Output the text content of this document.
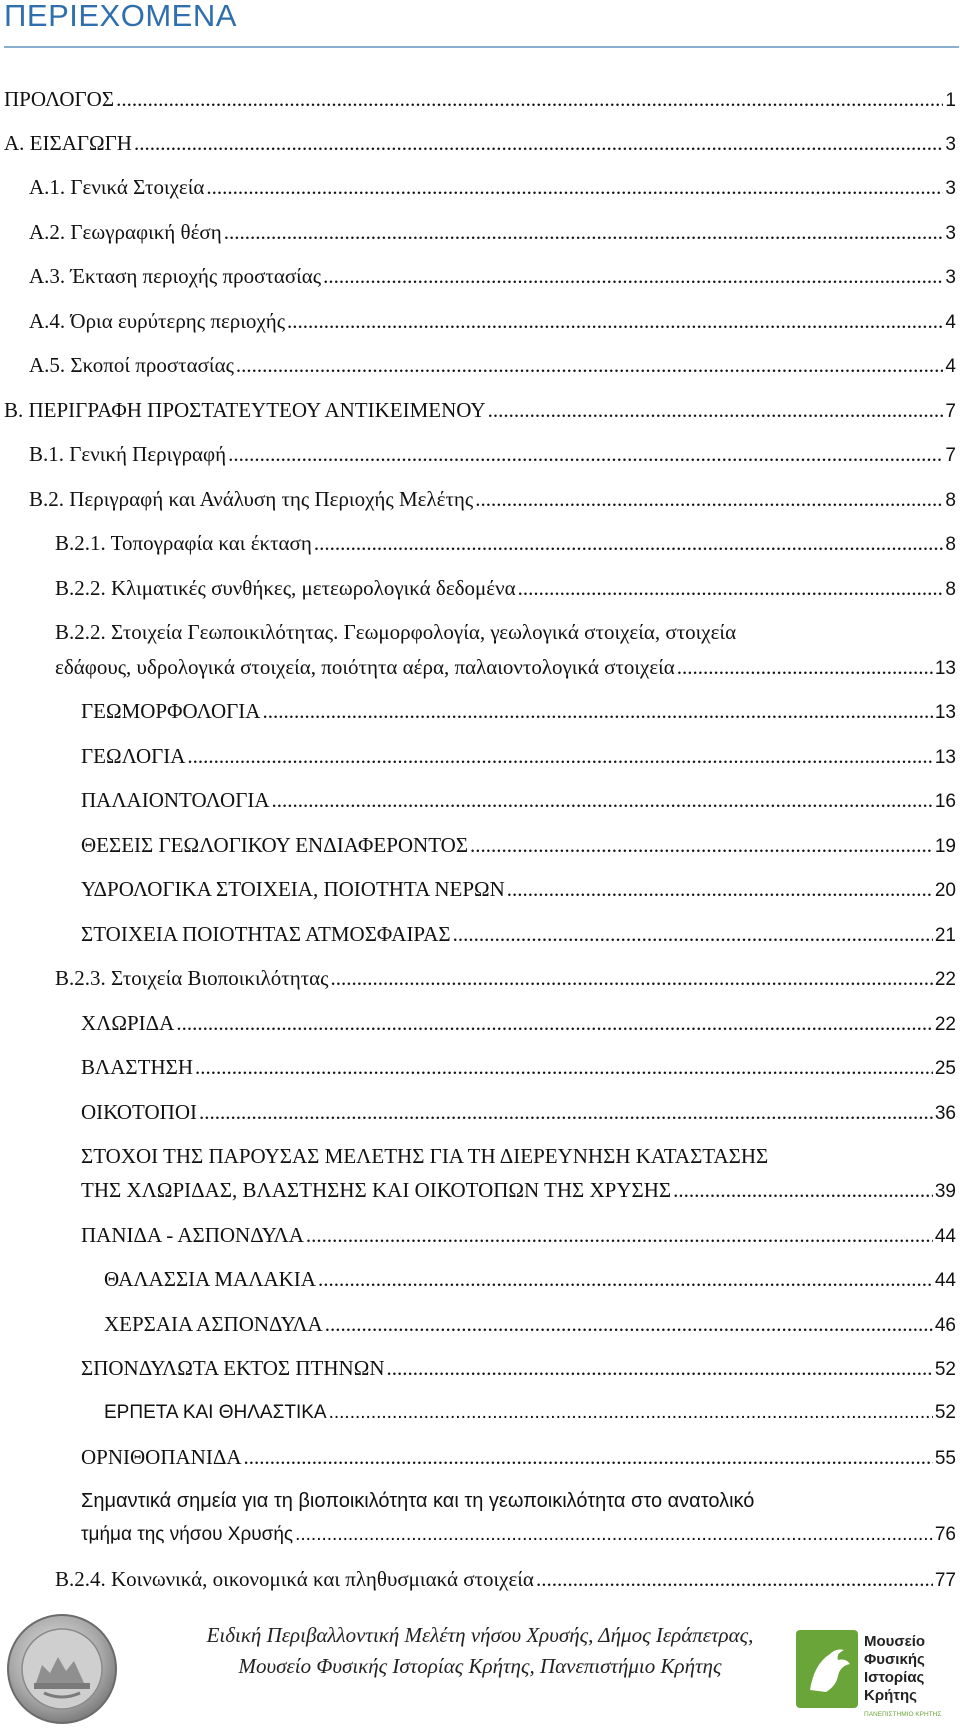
ΠΕΡΙΕΧΟΜΕΝΑ
ΠΡΟΛΟΓΟΣ .....	1
Α. ΕΙΣΑΓΩΓΗ .....	3
Α.1. Γενικά Στοιχεία .....	3
Α.2. Γεωγραφική θέση .....	3
Α.3. Έκταση περιοχής προστασίας .....	3
Α.4. Όρια ευρύτερης περιοχής .....	4
Α.5. Σκοποί προστασίας .....	4
Β. ΠΕΡΙΓΡΑΦΗ ΠΡΟΣΤΑΤΕΥΤΕΟΥ ΑΝΤΙΚΕΙΜΕΝΟΥ .....	7
Β.1. Γενική Περιγραφή .....	7
Β.2. Περιγραφή και Ανάλυση της Περιοχής Μελέτης .....	8
Β.2.1. Τοπογραφία και έκταση .....	8
Β.2.2. Κλιματικές συνθήκες, μετεωρολογικά δεδομένα .....	8
Β.2.2. Στοιχεία Γεωποικιλότητας. Γεωμορφολογία, γεωλογικά στοιχεία, στοιχεία
εδάφους, υδρολογικά στοιχεία, ποιότητα αέρα, παλαιοντολογικά στοιχεία .....	13
ΓΕΩΜΟΡΦΟΛΟΓΙΑ .....	13
ΓΕΩΛΟΓΙΑ .....	13
ΠΑΛΑΙΟΝΤΟΛΟΓΙΑ .....	16
ΘΕΣΕΙΣ ΓΕΩΛΟΓΙΚΟΥ ΕΝΔΙΑΦΕΡΟΝΤΟΣ .....	19
ΥΔΡΟΛΟΓΙΚΑ ΣΤΟΙΧΕΙΑ, ΠΟΙΟΤΗΤΑ ΝΕΡΩΝ .....	20
ΣΤΟΙΧΕΙΑ ΠΟΙΟΤΗΤΑΣ ΑΤΜΟΣΦΑΙΡΑΣ .....	21
Β.2.3. Στοιχεία Βιοποικιλότητας .....	22
ΧΛΩΡΙΔΑ .....	22
ΒΛΑΣΤΗΣΗ .....	25
ΟΙΚΟΤΟΠΟΙ .....	36
ΣΤΟΧΟΙ ΤΗΣ ΠΑΡΟΥΣΑΣ ΜΕΛΕΤΗΣ ΓΙΑ ΤΗ ΔΙΕΡΕΥΝΗΣΗ ΚΑΤΑΣΤΑΣΗΣ
ΤΗΣ ΧΛΩΡΙΔΑΣ, ΒΛΑΣΤΗΣΗΣ ΚΑΙ ΟΙΚΟΤΟΠΩΝ ΤΗΣ ΧΡΥΣΗΣ .....	39
ΠΑΝΙΔΑ - ΑΣΠΟΝΔΥΛΑ .....	44
ΘΑΛΑΣΣΙΑ ΜΑΛΑΚΙΑ .....	44
ΧΕΡΣΑΙΑ ΑΣΠΟΝΔΥΛΑ .....	46
ΣΠΟΝΔΥΛΩΤΑ ΕΚΤΟΣ ΠΤΗΝΩΝ .....	52
ΕΡΠΕΤΑ ΚΑΙ ΘΗΛΑΣΤΙΚΑ .....	52
ΟΡΝΙΘΟΠΑΝΙΔΑ .....	55
Σημαντικά σημεία για τη βιοποικιλότητα και τη γεωποικιλότητα στο ανατολικό
τμήμα της νήσου Χρυσής .....	76
Β.2.4. Κοινωνικά, οικονομικά και πληθυσμιακά στοιχεία .....	77
Ειδική Περιβαλλοντική Μελέτη νήσου Χρυσής, Δήμος Ιεράπετρας,
Μουσείο Φυσικής Ιστορίας Κρήτης, Πανεπιστήμιο Κρήτης
Μουσείο
Φυσικής
Ιστορίας
Κρήτης
ΠΑΝΕΠΙΣΤΗΜΙΟ ΚΡΗΤΗΣ
